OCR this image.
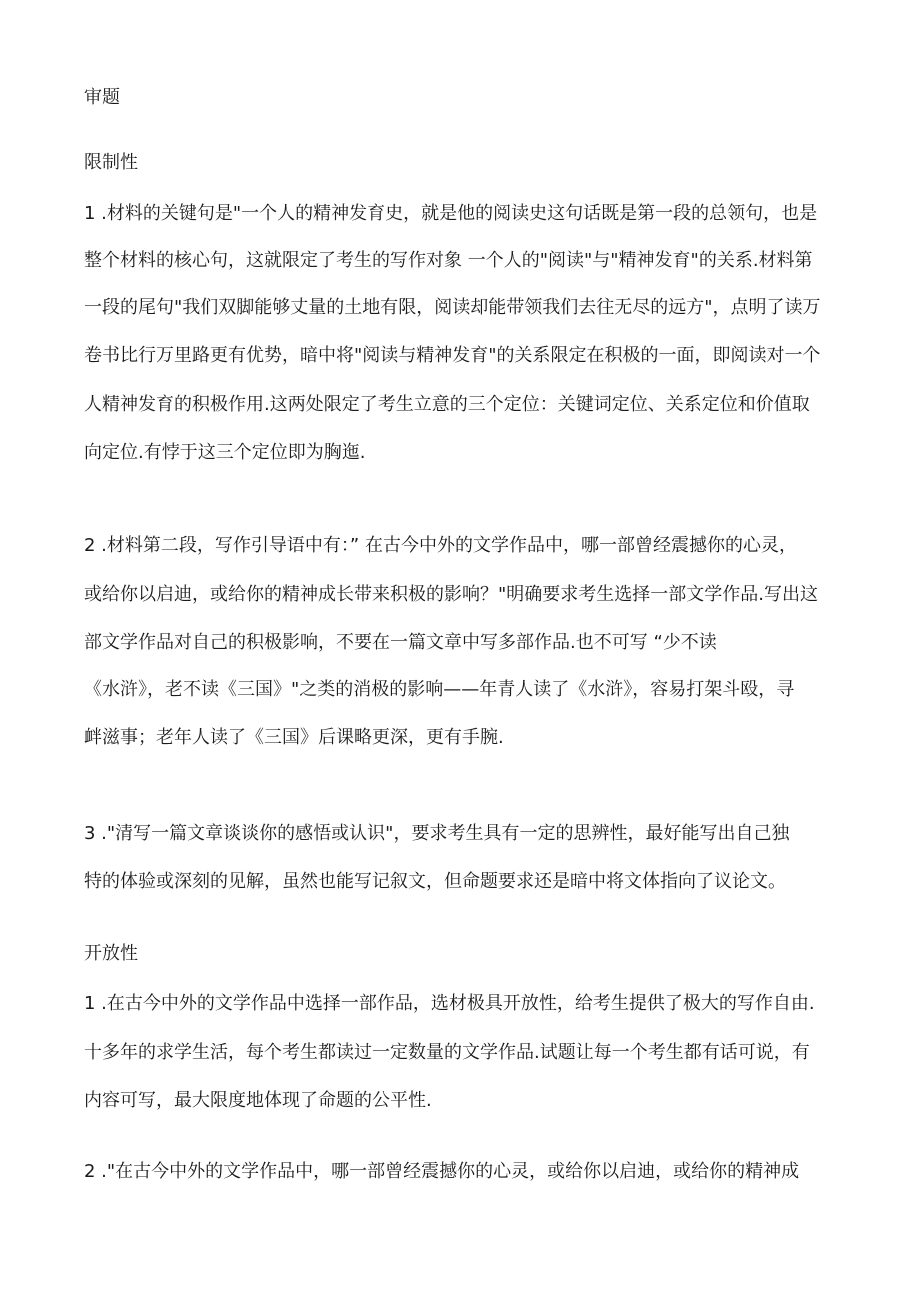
审题
限制性
1 .材料的关键句是"一个人的精神发育史，就是他的阅读史这句话既是第一段的总领句，也是
整个材料的核心句，这就限定了考生的写作对象 一个人的"阅读"与"精神发育"的关系.材料第
一段的尾句"我们双脚能够丈量的土地有限，阅读却能带领我们去往无尽的远方"，点明了读万
卷书比行万里路更有优势，暗中将"阅读与精神发育"的关系限定在积极的一面，即阅读对一个
人精神发育的积极作用.这两处限定了考生立意的三个定位：关键词定位、关系定位和价值取
向定位.有悖于这三个定位即为胸迤.
2 .材料第二段，写作引导语中有：” 在古今中外的文学作品中，哪一部曾经震撼你的心灵，
或给你以启迪，或给你的精神成长带来积极的影响？"明确要求考生选择一部文学作品.写出这
部文学作品对自己的积极影响，不要在一篇文章中写多部作品.也不可写 “少不读
《水浒》，老不读《三国》"之类的消极的影响——年青人读了《水浒》，容易打架斗殴，寻
衅滋事；老年人读了《三国》后课略更深，更有手腕.
3 ."清写一篇文章谈谈你的感悟或认识"，要求考生具有一定的思辨性，最好能写出自己独
特的体验或深刻的见解，虽然也能写记叙文，但命题要求还是暗中将文体指向了议论文。
开放性
1 .在古今中外的文学作品中选择一部作品，选材极具开放性，给考生提供了极大的写作自由.
十多年的求学生活，每个考生都读过一定数量的文学作品.试题让每一个考生都有话可说，有
内容可写，最大限度地体现了命题的公平性.
2 ."在古今中外的文学作品中，哪一部曾经震撼你的心灵，或给你以启迪，或给你的精神成
